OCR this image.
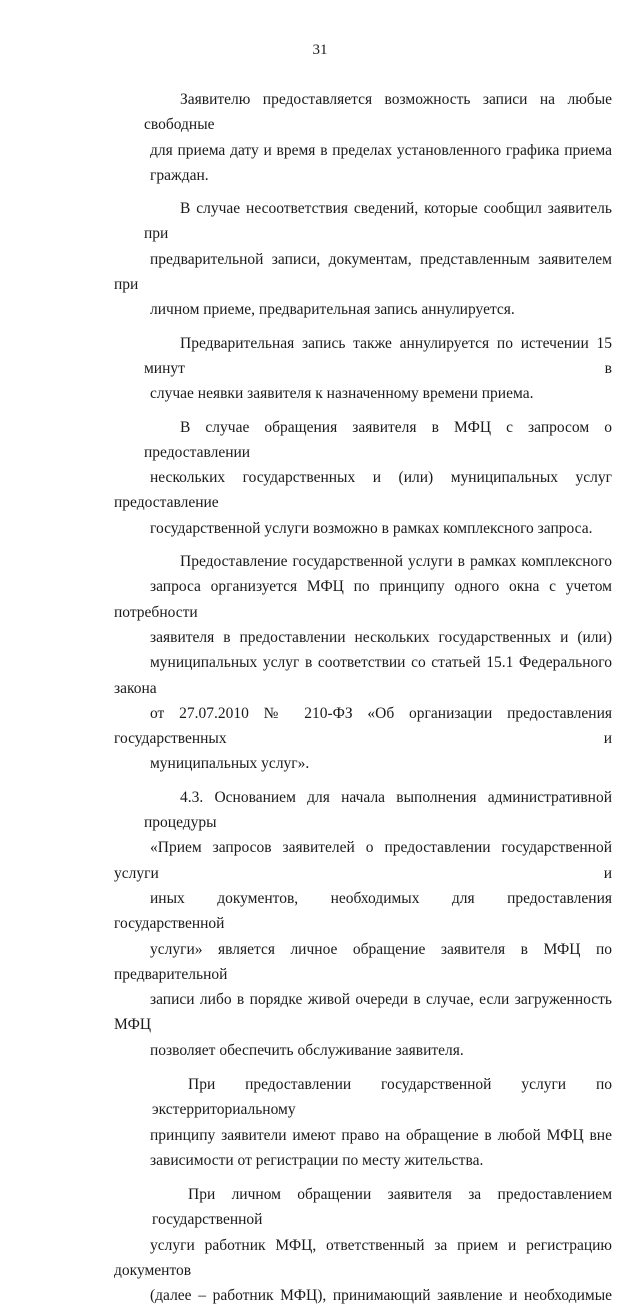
31
Заявителю предоставляется возможность записи на любые свободные
для приема дату и время в пределах установленного графика приема
граждан.
В случае несоответствия сведений, которые сообщил заявитель при
предварительной записи, документам, представленным заявителем при
личном приеме, предварительная запись аннулируется.
Предварительная запись также аннулируется по истечении 15 минут в
случае неявки заявителя к назначенному времени приема.
В случае обращения заявителя в МФЦ с запросом о предоставлении
нескольких государственных и (или) муниципальных услуг предоставление
государственной услуги возможно в рамках комплексного запроса.
Предоставление государственной услуги в рамках комплексного
запроса организуется МФЦ по принципу одного окна с учетом потребности
заявителя в предоставлении нескольких государственных и (или)
муниципальных услуг в соответствии со статьей 15.1 Федерального закона
от 27.07.2010 № 210-ФЗ «Об организации предоставления государственных и
муниципальных услуг».
4.3. Основанием для начала выполнения административной процедуры
«Прием запросов заявителей о предоставлении государственной услуги и
иных документов, необходимых для предоставления государственной
услуги» является личное обращение заявителя в МФЦ по предварительной
записи либо в порядке живой очереди в случае, если загруженность МФЦ
позволяет обеспечить обслуживание заявителя.
При предоставлении государственной услуги по экстерриториальному
принципу заявители имеют право на обращение в любой МФЦ вне
зависимости от регистрации по месту жительства.
При личном обращении заявителя за предоставлением государственной
услуги работник МФЦ, ответственный за прием и регистрацию документов
(далее – работник МФЦ), принимающий заявление и необходимые
